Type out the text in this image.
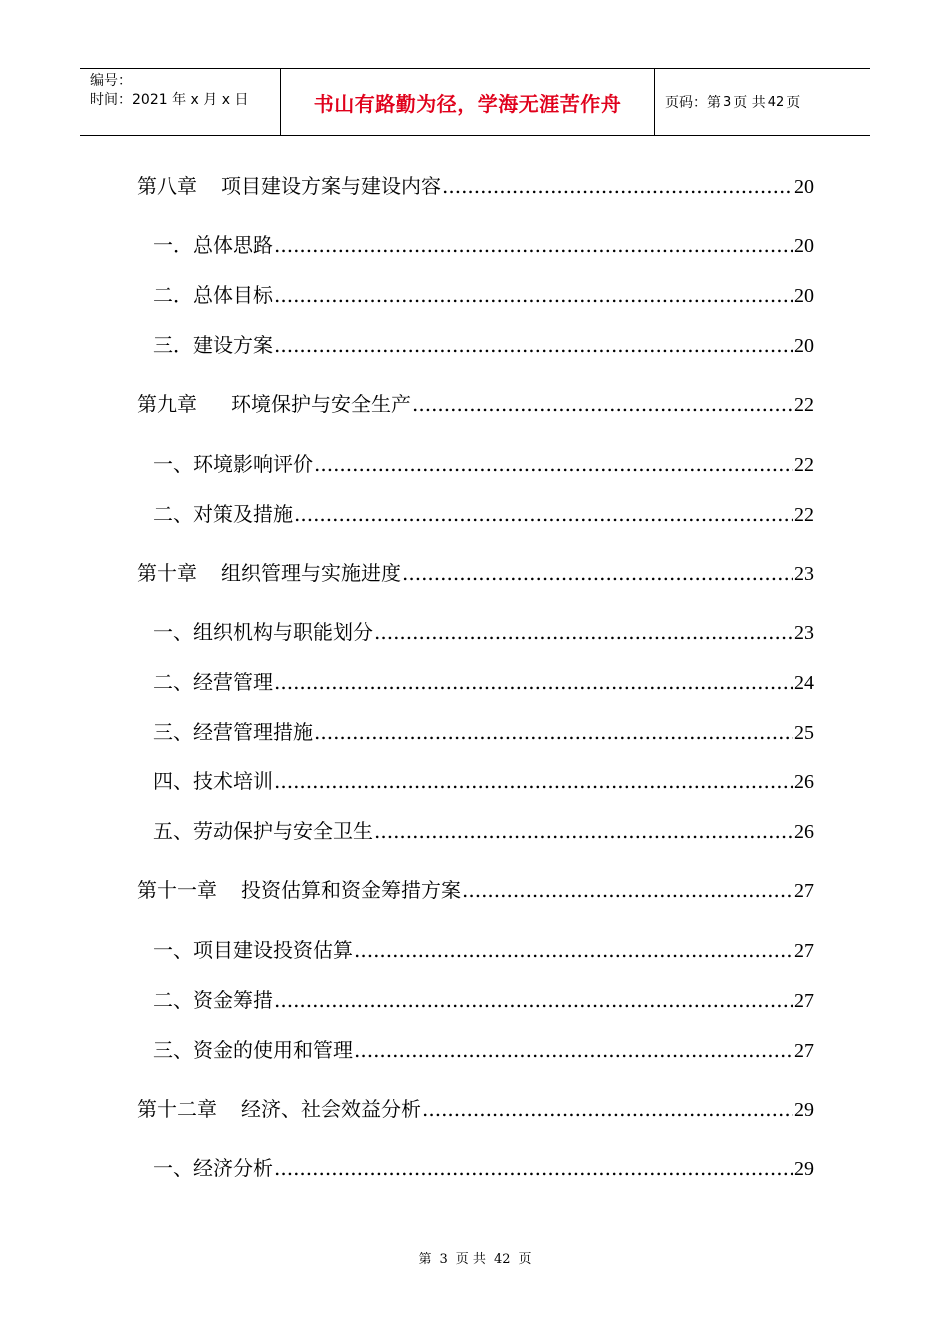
编号：
时间：2021 年 x 月 x 日	书山有路勤为径，学海无涯苦作舟	页码：第 3 页 共 42 页
第八章 项目建设方案与建设内容 .....	20
一． 总体思路 .....	20
二． 总体目标 .....	20
三． 建设方案 .....	20
第九章 环境保护与安全生产 .....	22
一、 环境影响评价 .....	22
二、 对策及措施 .....	22
第十章 组织管理与实施进度 .....	23
一、 组织机构与职能划分 .....	23
二、 经营管理 .....	24
三、 经营管理措施 .....	25
四、 技术培训 .....	26
五、 劳动保护与安全卫生 .....	26
第十一章 投资估算和资金筹措方案 .....	27
一、 项目建设投资估算 .....	27
二、 资金筹措 .....	27
三、 资金的使用和管理 .....	27
第十二章 经济、社会效益分析 .....	29
一、 经济分析 .....	29
第 3 页 共 42 页
